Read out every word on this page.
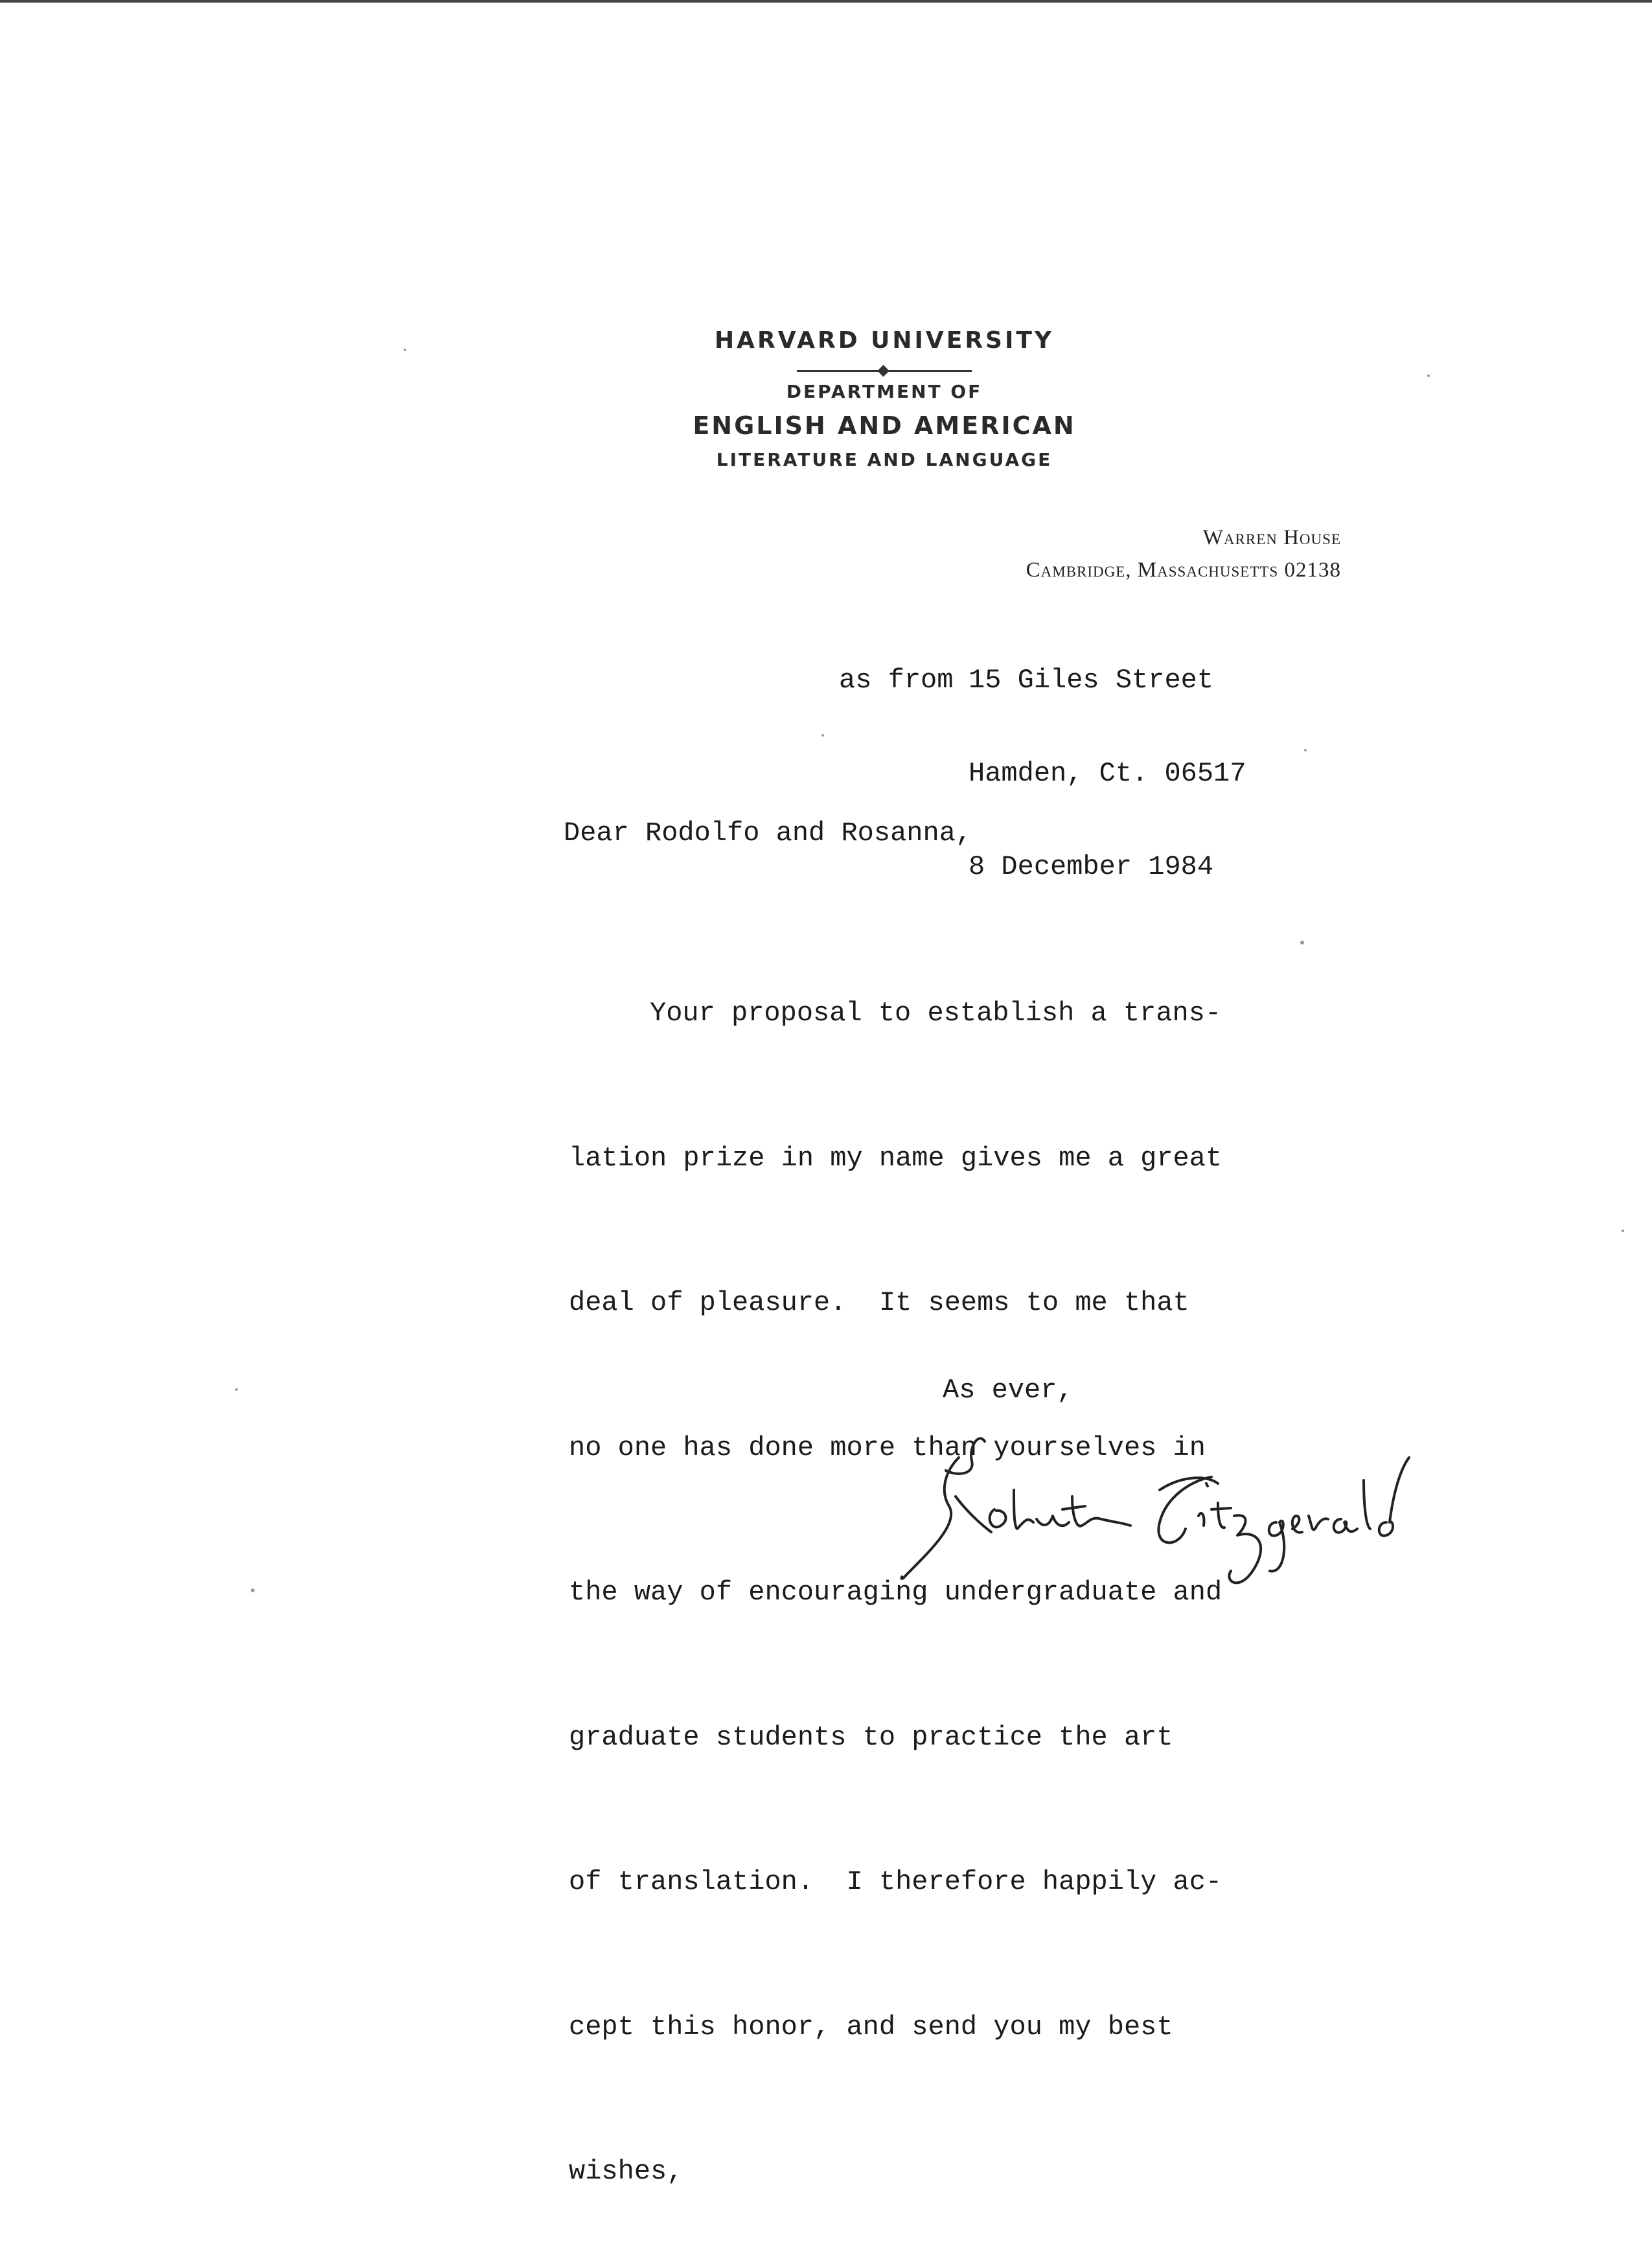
HARVARD UNIVERSITY
DEPARTMENT OF
ENGLISH AND AMERICAN
LITERATURE AND LANGUAGE
Warren House
Cambridge, Massachusetts 02138

as from 15 Giles Street

Hamden, Ct. 06517

8 December 1984

Dear Rodolfo and Rosanna,

Your proposal to establish a trans-

lation prize in my name gives me a great

deal of pleasure.  It seems to me that

no one has done more than yourselves in

the way of encouraging undergraduate and

graduate students to practice the art

of translation.  I therefore happily ac-

cept this honor, and send you my best

wishes,

As ever,
